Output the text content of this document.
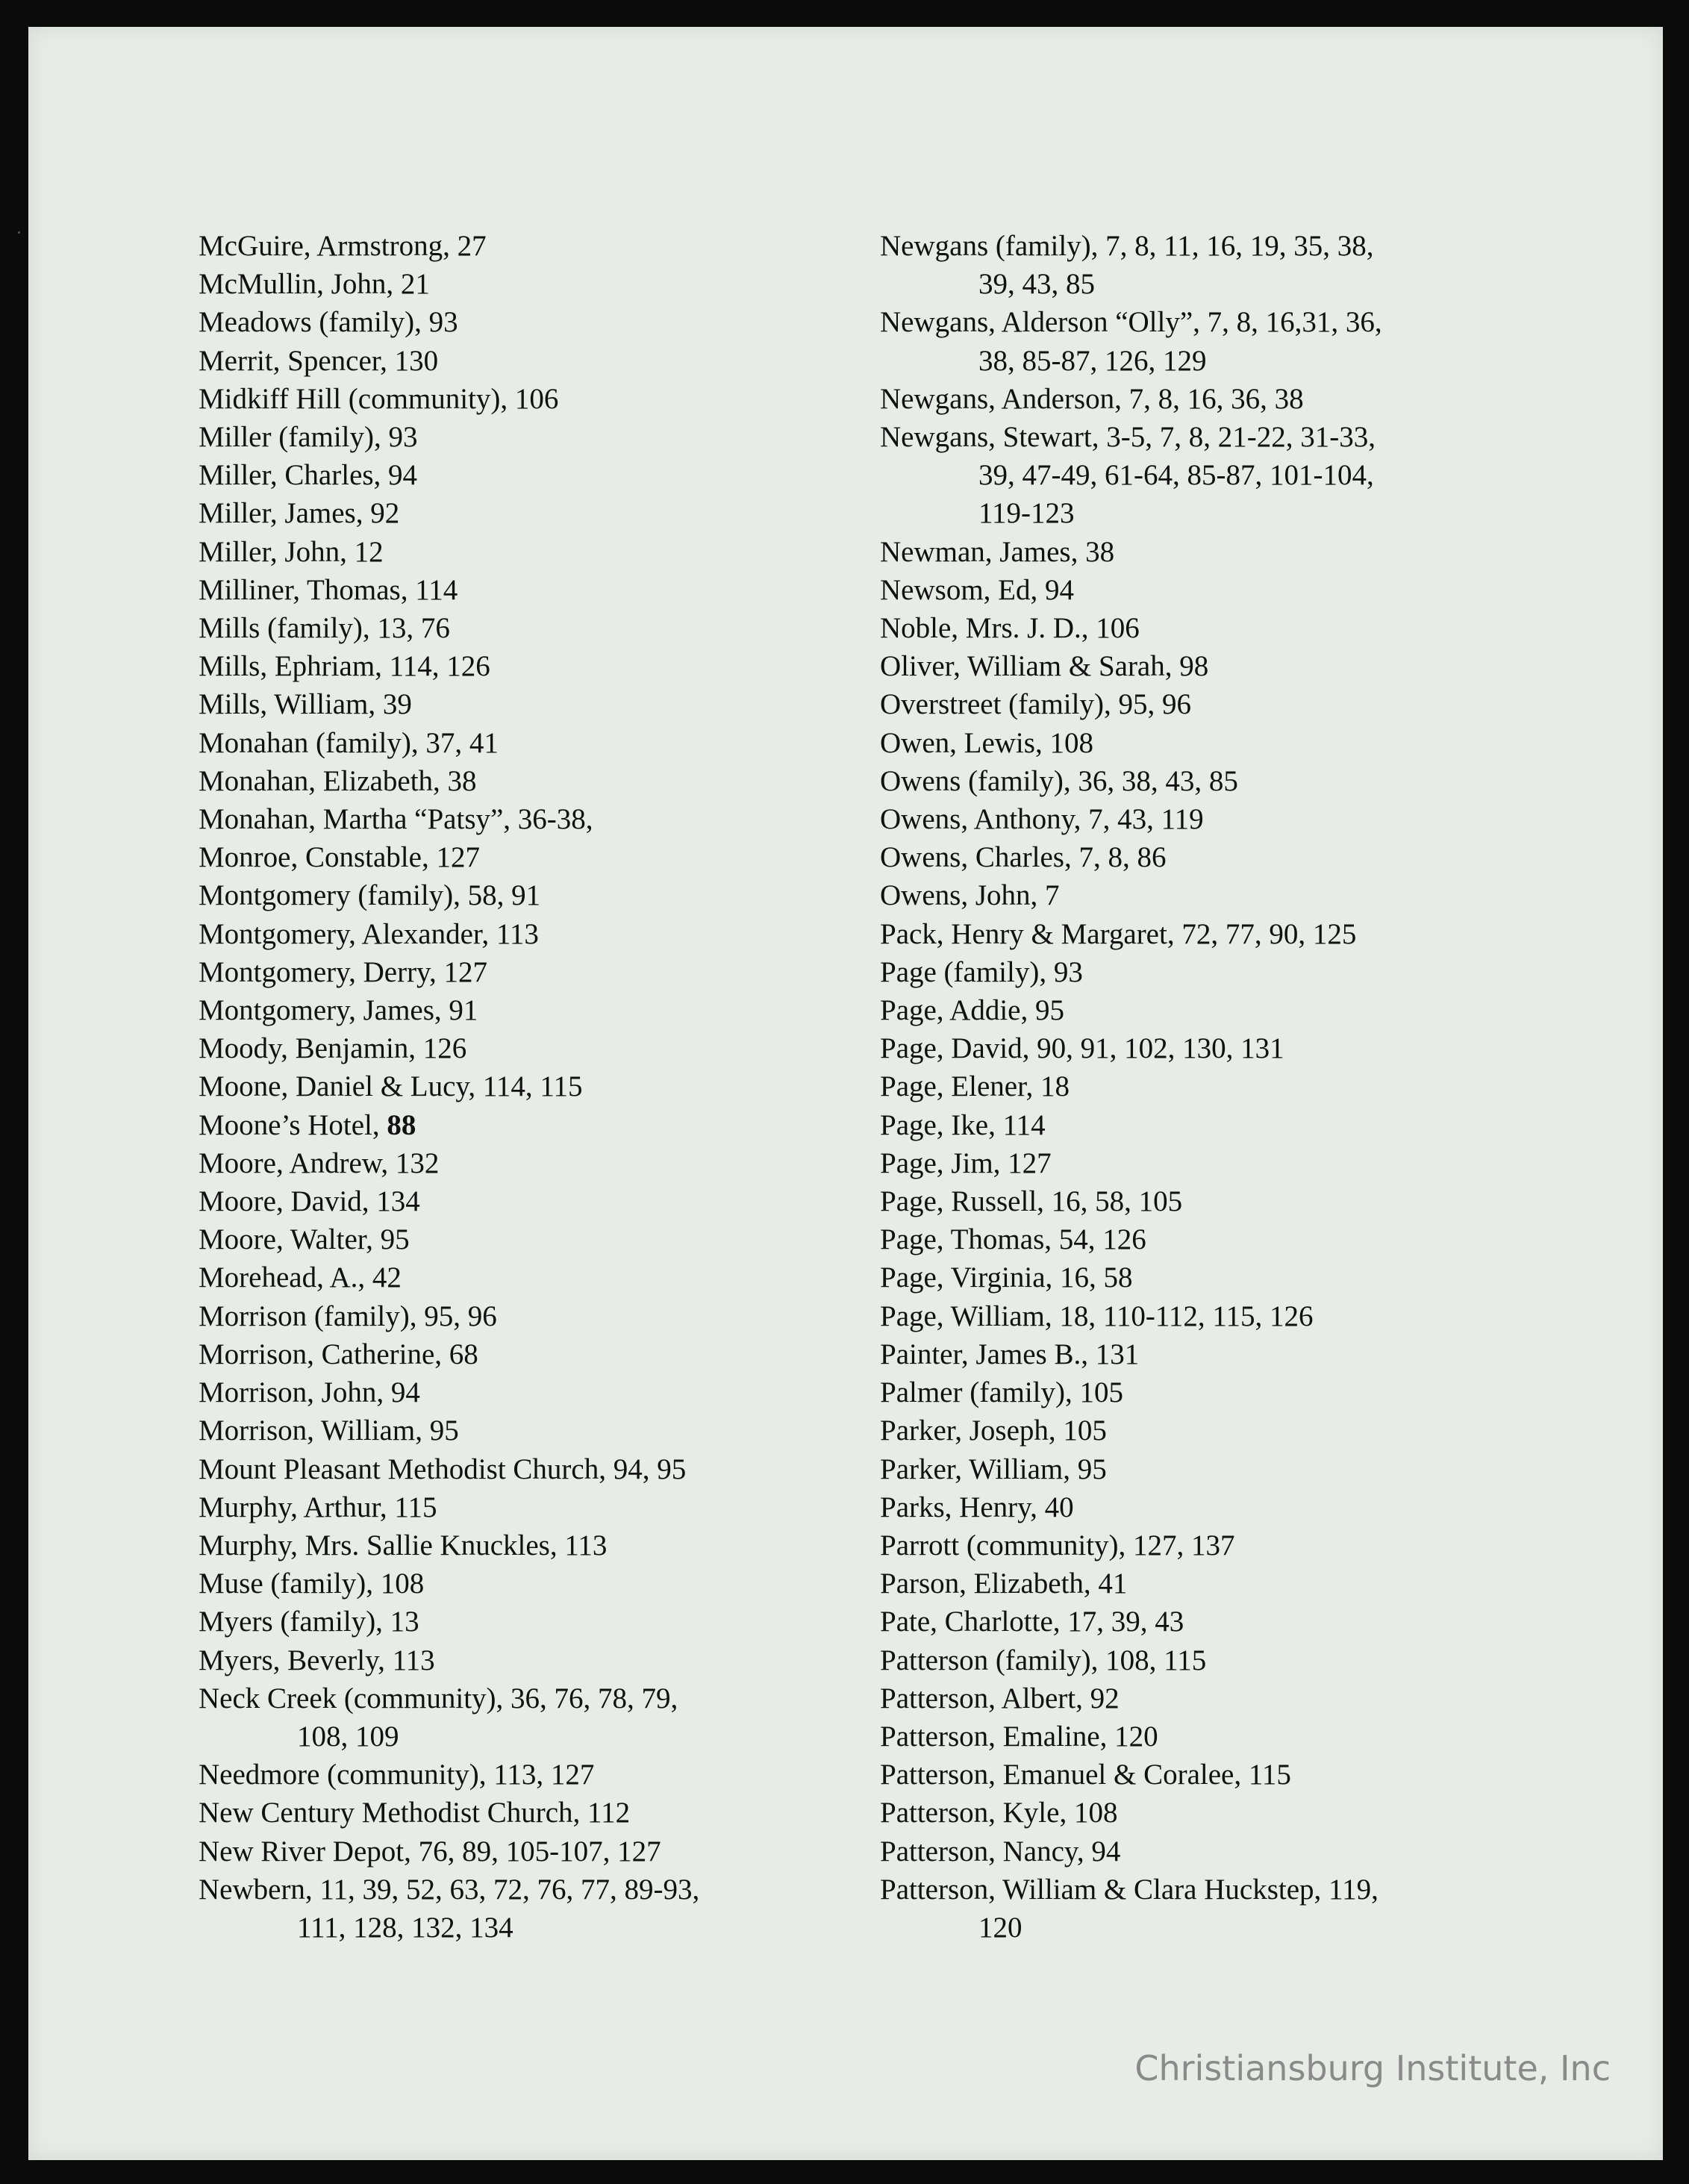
McGuire, Armstrong, 27
McMullin, John, 21
Meadows (family), 93
Merrit, Spencer, 130
Midkiff Hill (community), 106
Miller (family), 93
Miller, Charles, 94
Miller, James, 92
Miller, John, 12
Milliner, Thomas, 114
Mills (family), 13, 76
Mills, Ephriam, 114, 126
Mills, William, 39
Monahan (family), 37, 41
Monahan, Elizabeth, 38
Monahan, Martha “Patsy”, 36-38,
Monroe, Constable, 127
Montgomery (family), 58, 91
Montgomery, Alexander, 113
Montgomery, Derry, 127
Montgomery, James, 91
Moody, Benjamin, 126
Moone, Daniel & Lucy, 114, 115
Moone’s Hotel, 88
Moore, Andrew, 132
Moore, David, 134
Moore, Walter, 95
Morehead, A., 42
Morrison (family), 95, 96
Morrison, Catherine, 68
Morrison, John, 94
Morrison, William, 95
Mount Pleasant Methodist Church, 94, 95
Murphy, Arthur, 115
Murphy, Mrs. Sallie Knuckles, 113
Muse (family), 108
Myers (family), 13
Myers, Beverly, 113
Neck Creek (community), 36, 76, 78, 79,
108, 109
Needmore (community), 113, 127
New Century Methodist Church, 112
New River Depot, 76, 89, 105-107, 127
Newbern, 11, 39, 52, 63, 72, 76, 77, 89-93,
111, 128, 132, 134
Newgans (family), 7, 8, 11, 16, 19, 35, 38,
39, 43, 85
Newgans, Alderson “Olly”, 7, 8, 16,31, 36,
38, 85-87, 126, 129
Newgans, Anderson, 7, 8, 16, 36, 38
Newgans, Stewart, 3-5, 7, 8, 21-22, 31-33,
39, 47-49, 61-64, 85-87, 101-104,
119-123
Newman, James, 38
Newsom, Ed, 94
Noble, Mrs. J. D., 106
Oliver, William & Sarah, 98
Overstreet (family), 95, 96
Owen, Lewis, 108
Owens (family), 36, 38, 43, 85
Owens, Anthony, 7, 43, 119
Owens, Charles, 7, 8, 86
Owens, John, 7
Pack, Henry & Margaret, 72, 77, 90, 125
Page (family), 93
Page, Addie, 95
Page, David, 90, 91, 102, 130, 131
Page, Elener, 18
Page, Ike, 114
Page, Jim, 127
Page, Russell, 16, 58, 105
Page, Thomas, 54, 126
Page, Virginia, 16, 58
Page, William, 18, 110-112, 115, 126
Painter, James B., 131
Palmer (family), 105
Parker, Joseph, 105
Parker, William, 95
Parks, Henry, 40
Parrott (community), 127, 137
Parson, Elizabeth, 41
Pate, Charlotte, 17, 39, 43
Patterson (family), 108, 115
Patterson, Albert, 92
Patterson, Emaline, 120
Patterson, Emanuel & Coralee, 115
Patterson, Kyle, 108
Patterson, Nancy, 94
Patterson, William & Clara Huckstep, 119,
120
Christiansburg Institute, Inc
